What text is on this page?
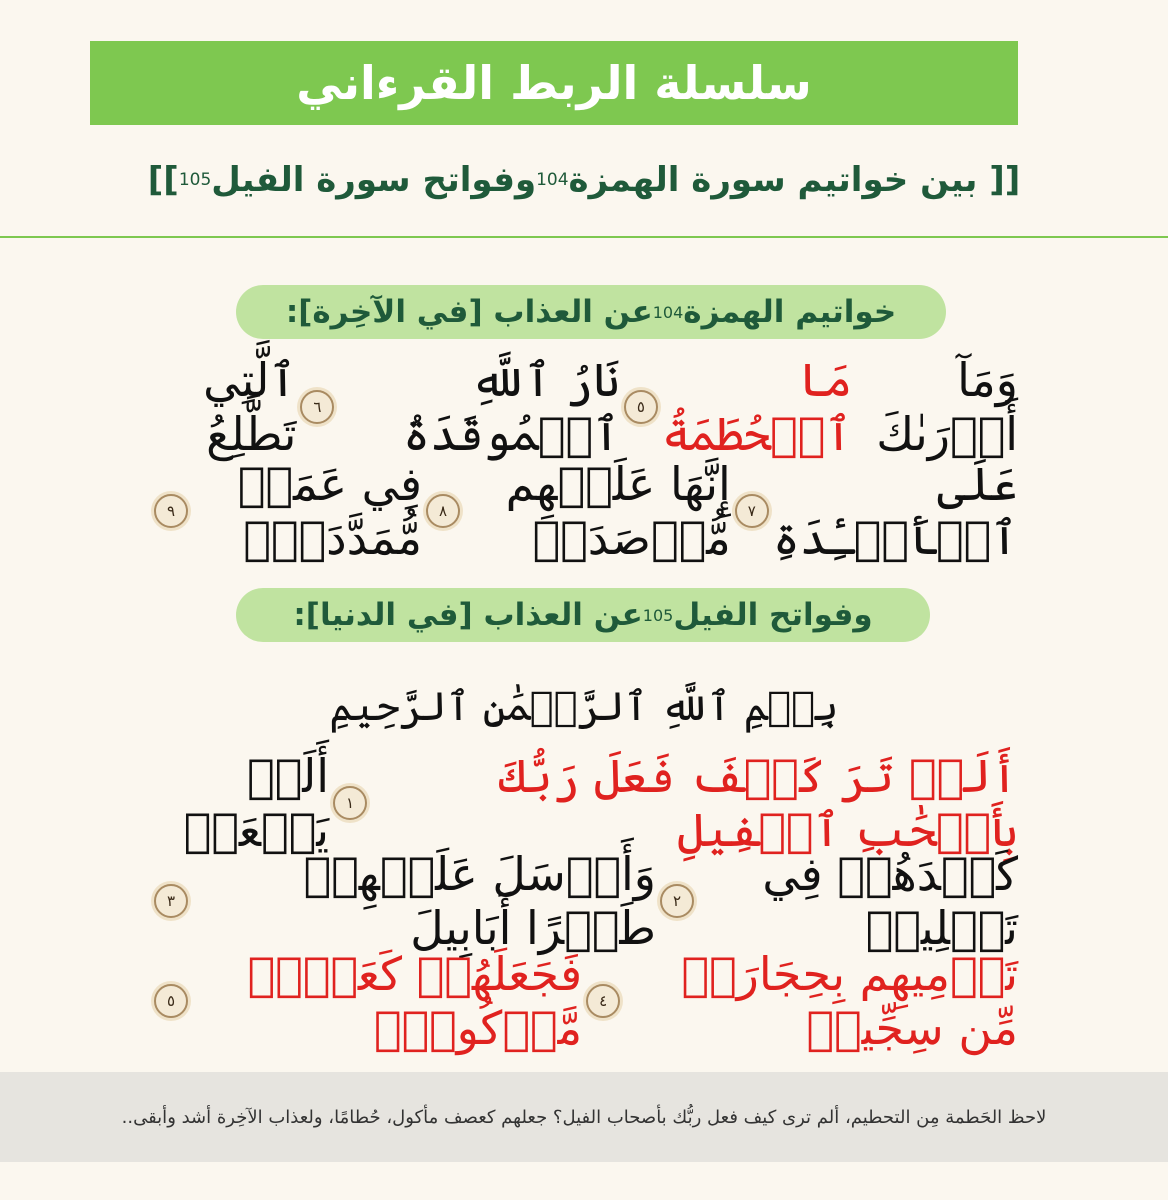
سلسلة الربط القرءاني
[[ بين خواتيم سورة الهمزة
104
وفواتح سورة الفيل
105
]]
خواتيم الهمزة
104
عن العذاب [في الآخِرة]:
وَمَآ أَدۡرَىٰكَ
مَا ٱلۡحُطَمَةُ
٥
نَارُ ٱللَّهِ ٱلۡمُوقَدَةُ
٦
ٱلَّتِي تَطَّلِعُ
عَلَى ٱلۡأَفۡـِٔدَةِ
٧
إِنَّهَا عَلَيۡهِم مُّؤۡصَدَةٞ
٨
فِي عَمَدٖ مُّمَدَّدَةِۭ
٩
وفواتح الفيل
105
عن العذاب [في الدنيا]:
بِسۡمِ ٱللَّهِ ٱلرَّحۡمَٰنِ ٱلرَّحِيمِ
أَلَمۡ تَرَ كَيۡفَ فَعَلَ رَبُّكَ بِأَصۡحَٰبِ ٱلۡفِيلِ
١
أَلَمۡ يَجۡعَلۡ
كَيۡدَهُمۡ فِي تَضۡلِيلٖ
٢
وَأَرۡسَلَ عَلَيۡهِمۡ طَيۡرًا أَبَابِيلَ
٣
تَرۡمِيهِم بِحِجَارَةٖ مِّن سِجِّيلٖ
٤
فَجَعَلَهُمۡ كَعَصۡفٖ مَّأۡكُولِۭ
٥
لاحظ الحَطمة مِن التحطيم، ألم ترى كيف فعل ربُّك بأصحاب الفيل؟ جعلهم كعصف مأكول، حُطامًا، ولعذاب الآخِرة أشد وأبقى..
